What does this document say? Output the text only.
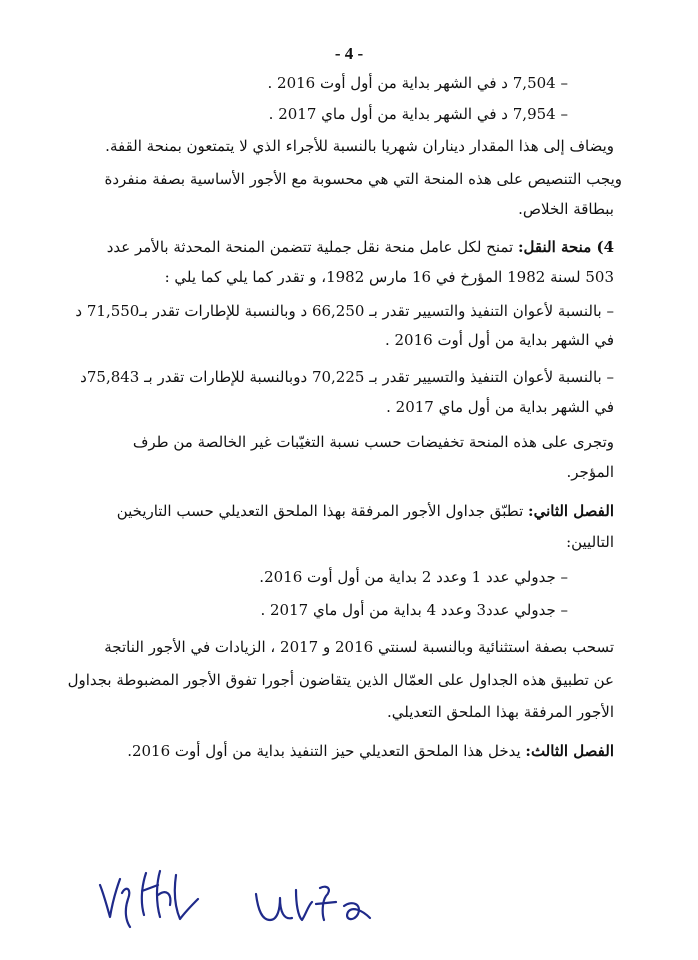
- 4 -
– 7,504 د في الشهر بداية من أول أوت 2016 .
– 7,954 د في الشهر بداية من أول ماي 2017 .
ويضاف إلى هذا المقدار ديناران شهريا بالنسبة للأجراء الذي لا يتمتعون بمنحة القفة.
ويجب التنصيص على هذه المنحة التي هي محسوبة مع الأجور الأساسية بصفة منفردة
ببطاقة الخلاص.
4) منحة النقل: تمنح لكل عامل منحة نقل جملية تتضمن المنحة المحدثة بالأمر عدد
503 لسنة 1982 المؤرخ في 16 مارس 1982، و تقدر كما يلي كما يلي :
– بالنسبة لأعوان التنفيذ والتسيير تقدر بـ 66,250 د وبالنسبة للإطارات تقدر بـ71,550 د
في الشهر بداية من أول أوت 2016 .
– بالنسبة لأعوان التنفيذ والتسيير تقدر بـ 70,225 دوبالنسبة للإطارات تقدر بـ 75,843د
في الشهر بداية من أول ماي 2017 .
وتجرى على هذه المنحة تخفيضات حسب نسبة التغيّبات غير الخالصة من طرف
المؤجر.
الفصل الثاني: تطبّق جداول الأجور المرفقة بهذا الملحق التعديلي حسب التاريخين
التاليين:
– جدولي عدد 1 وعدد 2 بداية من أول أوت 2016.
– جدولي عدد3 وعدد 4 بداية من أول ماي 2017 .
تسحب بصفة استثنائية وبالنسبة لسنتي 2016 و 2017 ، الزيادات في الأجور الناتجة
عن تطبيق هذه الجداول على العمّال الذين يتقاضون أجورا تفوق الأجور المضبوطة بجداول
الأجور المرفقة بهذا الملحق التعديلي.
الفصل الثالث: يدخل هذا الملحق التعديلي حيز التنفيذ بداية من أول أوت 2016.
